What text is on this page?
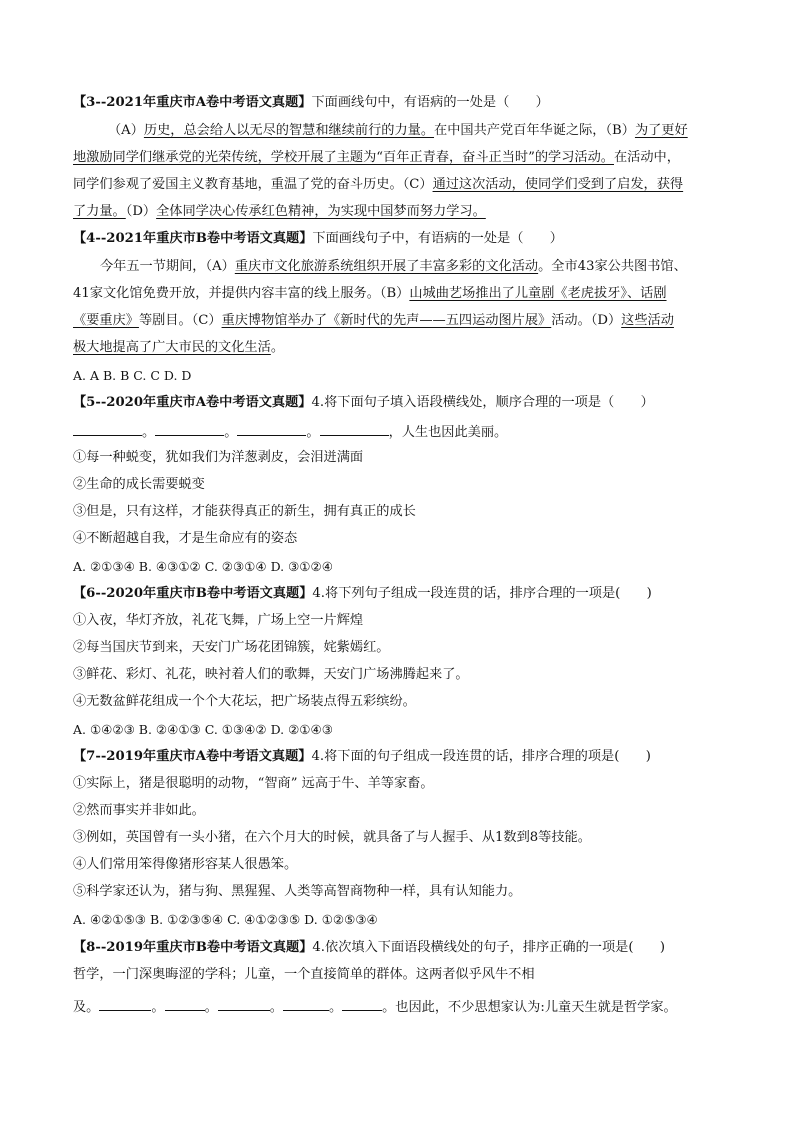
【3--2021年重庆市A卷中考语文真题】下面画线句中，有语病的一处是（　　）
（A）历史，总会给人以无尽的智慧和继续前行的力量。在中国共产党百年华诞之际，（B）为了更好
地激励同学们继承党的光荣传统，学校开展了主题为“百年正青春，奋斗正当时”的学习活动。在活动中，
同学们参观了爱国主义教育基地，重温了党的奋斗历史。（C）通过这次活动，使同学们受到了启发，获得
了力量。（D）全体同学决心传承红色精神，为实现中国梦而努力学习。
【4--2021年重庆市B卷中考语文真题】下面画线句子中，有语病的一处是（　　）
今年五一节期间，（A）重庆市文化旅游系统组织开展了丰富多彩的文化活动。全市43家公共图书馆、
41家文化馆免费开放，并提供内容丰富的线上服务。（B）山城曲艺场推出了儿童剧《老虎拔牙》、话剧
《要重庆》等剧目。（C）重庆博物馆举办了《新时代的先声——五四运动图片展》活动。（D）这些活动
极大地提高了广大市民的文化生活。
A. A B. B C. C D. D
【5--2020年重庆市A卷中考语文真题】4.将下面句子填入语段横线处，顺序合理的一项是（　　）
。	。	。	，人生也因此美丽。
①每一种蜕变，犹如我们为洋葱剥皮，会泪迸满面
②生命的成长需要蜕变
③但是，只有这样，才能获得真正的新生，拥有真正的成长
④不断超越自我，才是生命应有的姿态
A. ②①③④ B. ④③①② C. ②③①④ D. ③①②④
【6--2020年重庆市B卷中考语文真题】4.将下列句子组成一段连贯的话，排序合理的一项是(　　)
①入夜，华灯齐放，礼花飞舞，广场上空一片辉煌
②每当国庆节到来，天安门广场花团锦簇，姹紫嫣红。
③鲜花、彩灯、礼花，映衬着人们的歌舞，天安门广场沸腾起来了。
④无数盆鲜花组成一个个大花坛，把广场装点得五彩缤纷。
A. ①④②③ B. ②④①③ C. ①③④② D. ②①④③
【7--2019年重庆市A卷中考语文真题】4.将下面的句子组成一段连贯的话，排序合理的项是(　　)
①实际上，猪是很聪明的动物，“智商” 远高于牛、羊等家畜。
②然而事实并非如此。
③例如，英国曾有一头小猪，在六个月大的时候，就具备了与人握手、从1数到8等技能。
④人们常用笨得像猪形容某人很愚笨。
⑤科学家还认为，猪与狗、黑猩猩、人类等高智商物种一样，具有认知能力。
A. ④②①⑤③ B. ①②③⑤④ C. ④①②③⑤ D. ①②⑤③④
【8--2019年重庆市B卷中考语文真题】4.依次填入下面语段横线处的句子，排序正确的一项是(　　)
哲学，一门深奥晦涩的学科；儿童，一个直接简单的群体。这两者似乎风牛不相
及。	。	。	。	。	。也因此，不少思想家认为:儿童天生就是哲学家。
